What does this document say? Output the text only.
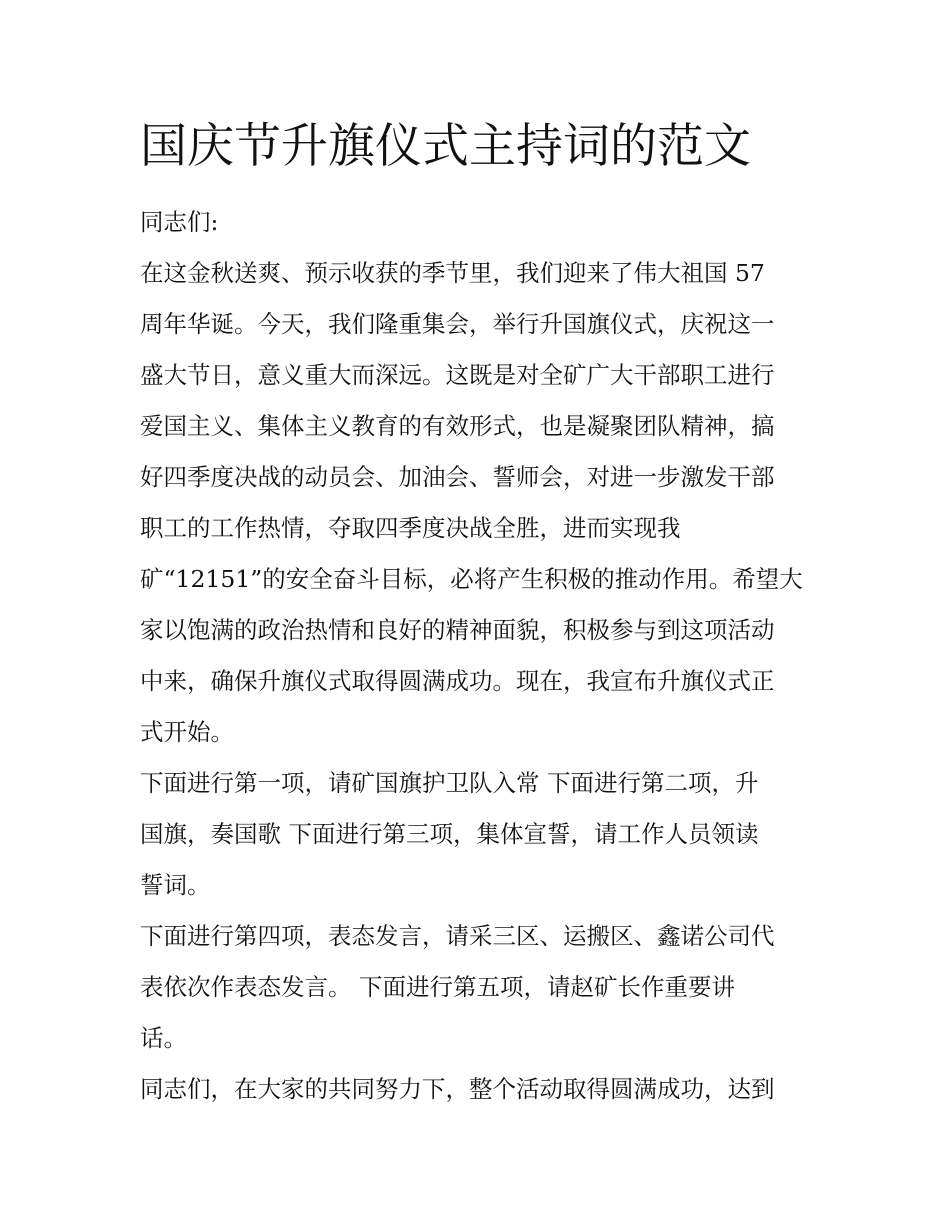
国庆节升旗仪式主持词的范文

同志们:

在这金秋送爽、预示收获的季节里，我们迎来了伟大祖国 57

周年华诞。今天，我们隆重集会，举行升国旗仪式，庆祝这一

盛大节日，意义重大而深远。这既是对全矿广大干部职工进行

爱国主义、集体主义教育的有效形式，也是凝聚团队精神，搞

好四季度决战的动员会、加油会、誓师会，对进一步激发干部

职工的工作热情，夺取四季度决战全胜，进而实现我

矿“12151”的安全奋斗目标，必将产生积极的推动作用。希望大

家以饱满的政治热情和良好的精神面貌，积极参与到这项活动

中来，确保升旗仪式取得圆满成功。现在，我宣布升旗仪式正

式开始。

下面进行第一项，请矿国旗护卫队入常 下面进行第二项，升

国旗，奏国歌 下面进行第三项，集体宣誓，请工作人员领读

誓词。

下面进行第四项，表态发言，请采三区、运搬区、鑫诺公司代

表依次作表态发言。 下面进行第五项，请赵矿长作重要讲

话。

同志们，在大家的共同努力下，整个活动取得圆满成功，达到
